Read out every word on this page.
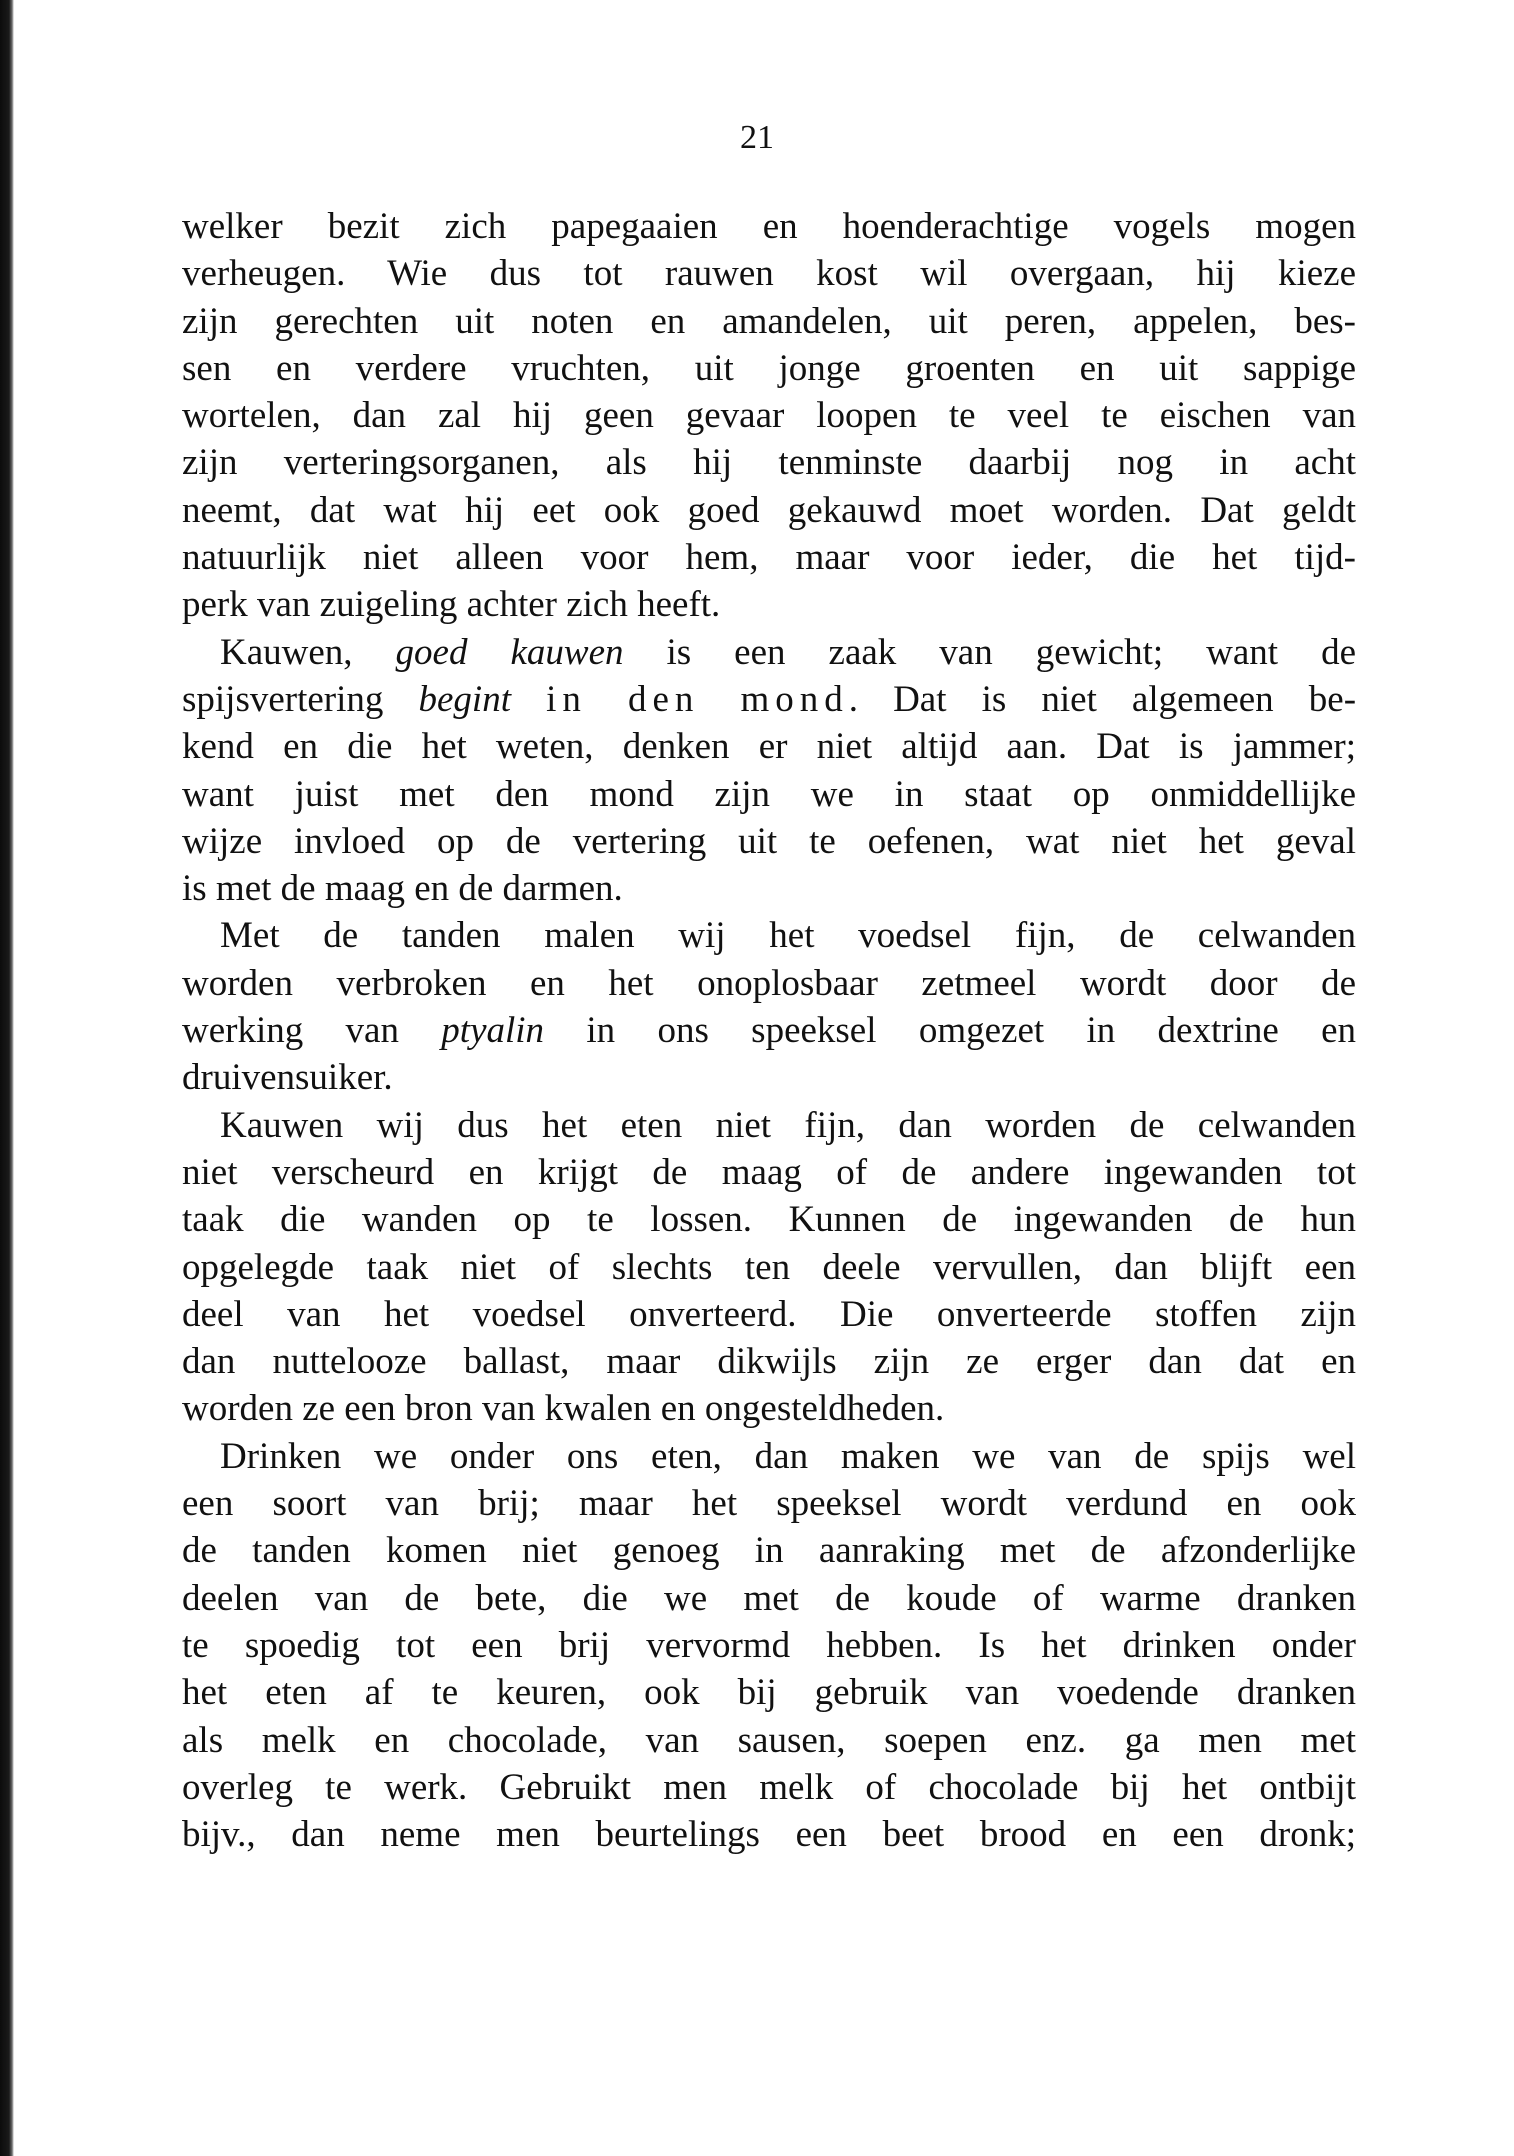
21
welker bezit zich papegaaien en hoenderachtige vogels mogen
verheugen. Wie dus tot rauwen kost wil overgaan, hij kieze
zijn gerechten uit noten en amandelen, uit peren, appelen, bes-
sen en verdere vruchten, uit jonge groenten en uit sappige
wortelen, dan zal hij geen gevaar loopen te veel te eischen van
zijn verteringsorganen, als hij tenminste daarbij nog in acht
neemt, dat wat hij eet ook goed gekauwd moet worden. Dat geldt
natuurlijk niet alleen voor hem, maar voor ieder, die het tijd-
perk van zuigeling achter zich heeft.
Kauwen, goed kauwen is een zaak van gewicht; want de
spijsvertering begint in den mond. Dat is niet algemeen be-
kend en die het weten, denken er niet altijd aan. Dat is jammer;
want juist met den mond zijn we in staat op onmiddellijke
wijze invloed op de vertering uit te oefenen, wat niet het geval
is met de maag en de darmen.
Met de tanden malen wij het voedsel fijn, de celwanden
worden verbroken en het onoplosbaar zetmeel wordt door de
werking van ptyalin in ons speeksel omgezet in dextrine en
druivensuiker.
Kauwen wij dus het eten niet fijn, dan worden de celwanden
niet verscheurd en krijgt de maag of de andere ingewanden tot
taak die wanden op te lossen. Kunnen de ingewanden de hun
opgelegde taak niet of slechts ten deele vervullen, dan blijft een
deel van het voedsel onverteerd. Die onverteerde stoffen zijn
dan nuttelooze ballast, maar dikwijls zijn ze erger dan dat en
worden ze een bron van kwalen en ongesteldheden.
Drinken we onder ons eten, dan maken we van de spijs wel
een soort van brij; maar het speeksel wordt verdund en ook
de tanden komen niet genoeg in aanraking met de afzonderlijke
deelen van de bete, die we met de koude of warme dranken
te spoedig tot een brij vervormd hebben. Is het drinken onder
het eten af te keuren, ook bij gebruik van voedende dranken
als melk en chocolade, van sausen, soepen enz. ga men met
overleg te werk. Gebruikt men melk of chocolade bij het ontbijt
bijv., dan neme men beurtelings een beet brood en een dronk;
